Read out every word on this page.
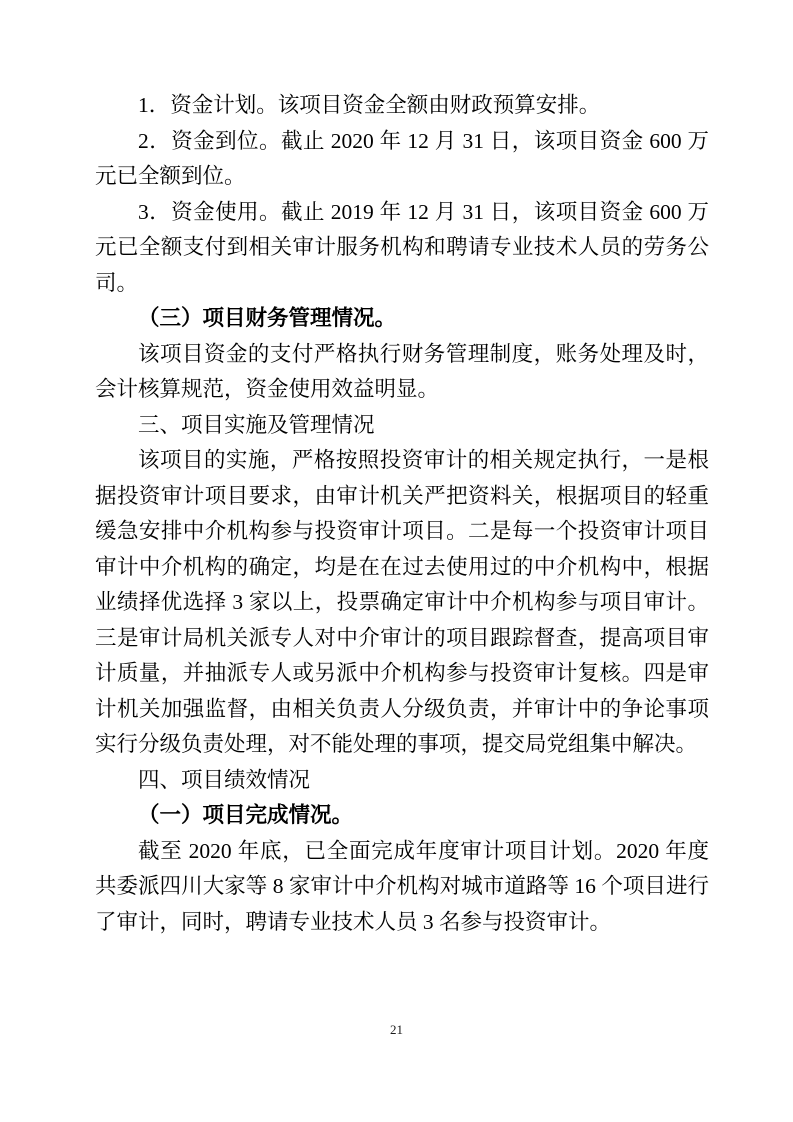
1．资金计划。该项目资金全额由财政预算安排。

2．资金到位。截止 2020 年 12 月 31 日，该项目资金 600 万元已全额到位。

3．资金使用。截止 2019 年 12 月 31 日，该项目资金 600 万元已全额支付到相关审计服务机构和聘请专业技术人员的劳务公司。

（三）项目财务管理情况。

该项目资金的支付严格执行财务管理制度，账务处理及时，会计核算规范，资金使用效益明显。

三、项目实施及管理情况

该项目的实施，严格按照投资审计的相关规定执行，一是根据投资审计项目要求，由审计机关严把资料关，根据项目的轻重缓急安排中介机构参与投资审计项目。二是每一个投资审计项目审计中介机构的确定，均是在在过去使用过的中介机构中，根据业绩择优选择 3 家以上，投票确定审计中介机构参与项目审计。三是审计局机关派专人对中介审计的项目跟踪督查，提高项目审计质量，并抽派专人或另派中介机构参与投资审计复核。四是审计机关加强监督，由相关负责人分级负责，并审计中的争论事项实行分级负责处理，对不能处理的事项，提交局党组集中解决。

四、项目绩效情况

（一）项目完成情况。

截至 2020 年底，已全面完成年度审计项目计划。2020 年度共委派四川大家等 8 家审计中介机构对城市道路等 16 个项目进行了审计，同时，聘请专业技术人员 3 名参与投资审计。

21
